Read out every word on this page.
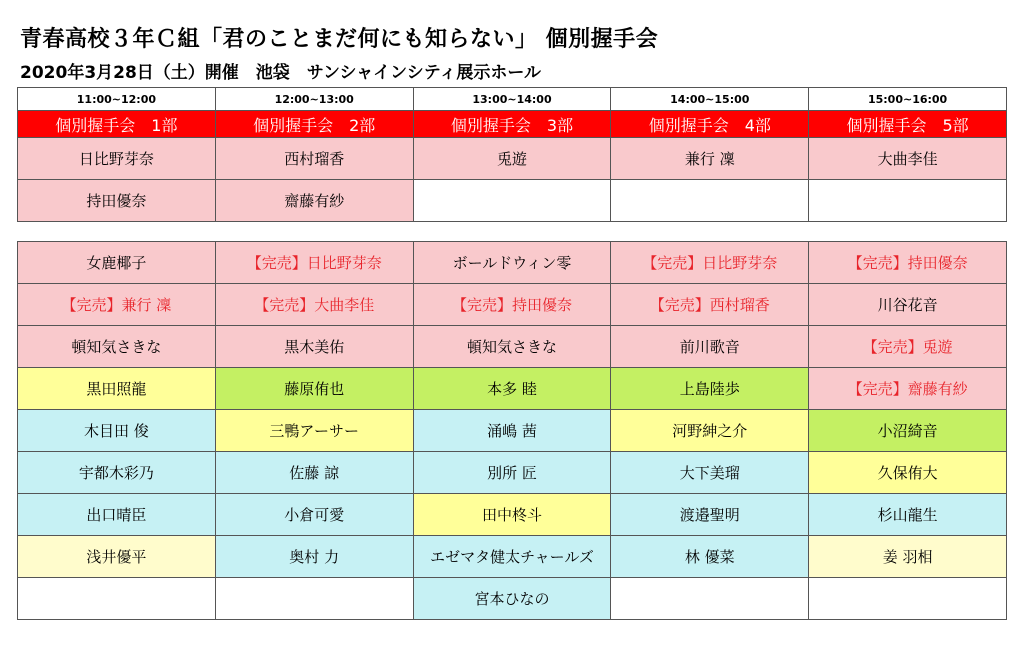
青春高校３年Ｃ組「君のことまだ何にも知らない」 個別握手会
2020年3月28日（土）開催　池袋　サンシャインシティ展示ホール
11:00~12:00	12:00~13:00	13:00~14:00	14:00~15:00	15:00~16:00
個別握手会　1部	個別握手会　2部	個別握手会　3部	個別握手会　4部	個別握手会　5部
日比野芽奈	西村瑠香	兎遊	兼行 凜	大曲李佳
持田優奈	齋藤有紗			
女鹿椰子	【完売】日比野芽奈	ボールドウィン零	【完売】日比野芽奈	【完売】持田優奈
【完売】兼行 凜	【完売】大曲李佳	【完売】持田優奈	【完売】西村瑠香	川谷花音
頓知気さきな	黒木美佑	頓知気さきな	前川歌音	【完売】兎遊
黒田照龍	藤原侑也	本多 睦	上島陸歩	【完売】齋藤有紗
木目田 俊	三鴨アーサー	涌嶋 茜	河野紳之介	小沼綺音
宇都木彩乃	佐藤 諒	別所 匠	大下美瑠	久保侑大
出口晴臣	小倉可愛	田中柊斗	渡邉聖明	杉山龍生
浅井優平	奥村 力	エゼマタ健太チャールズ	林 優菜	姜 羽相
		宮本ひなの		
